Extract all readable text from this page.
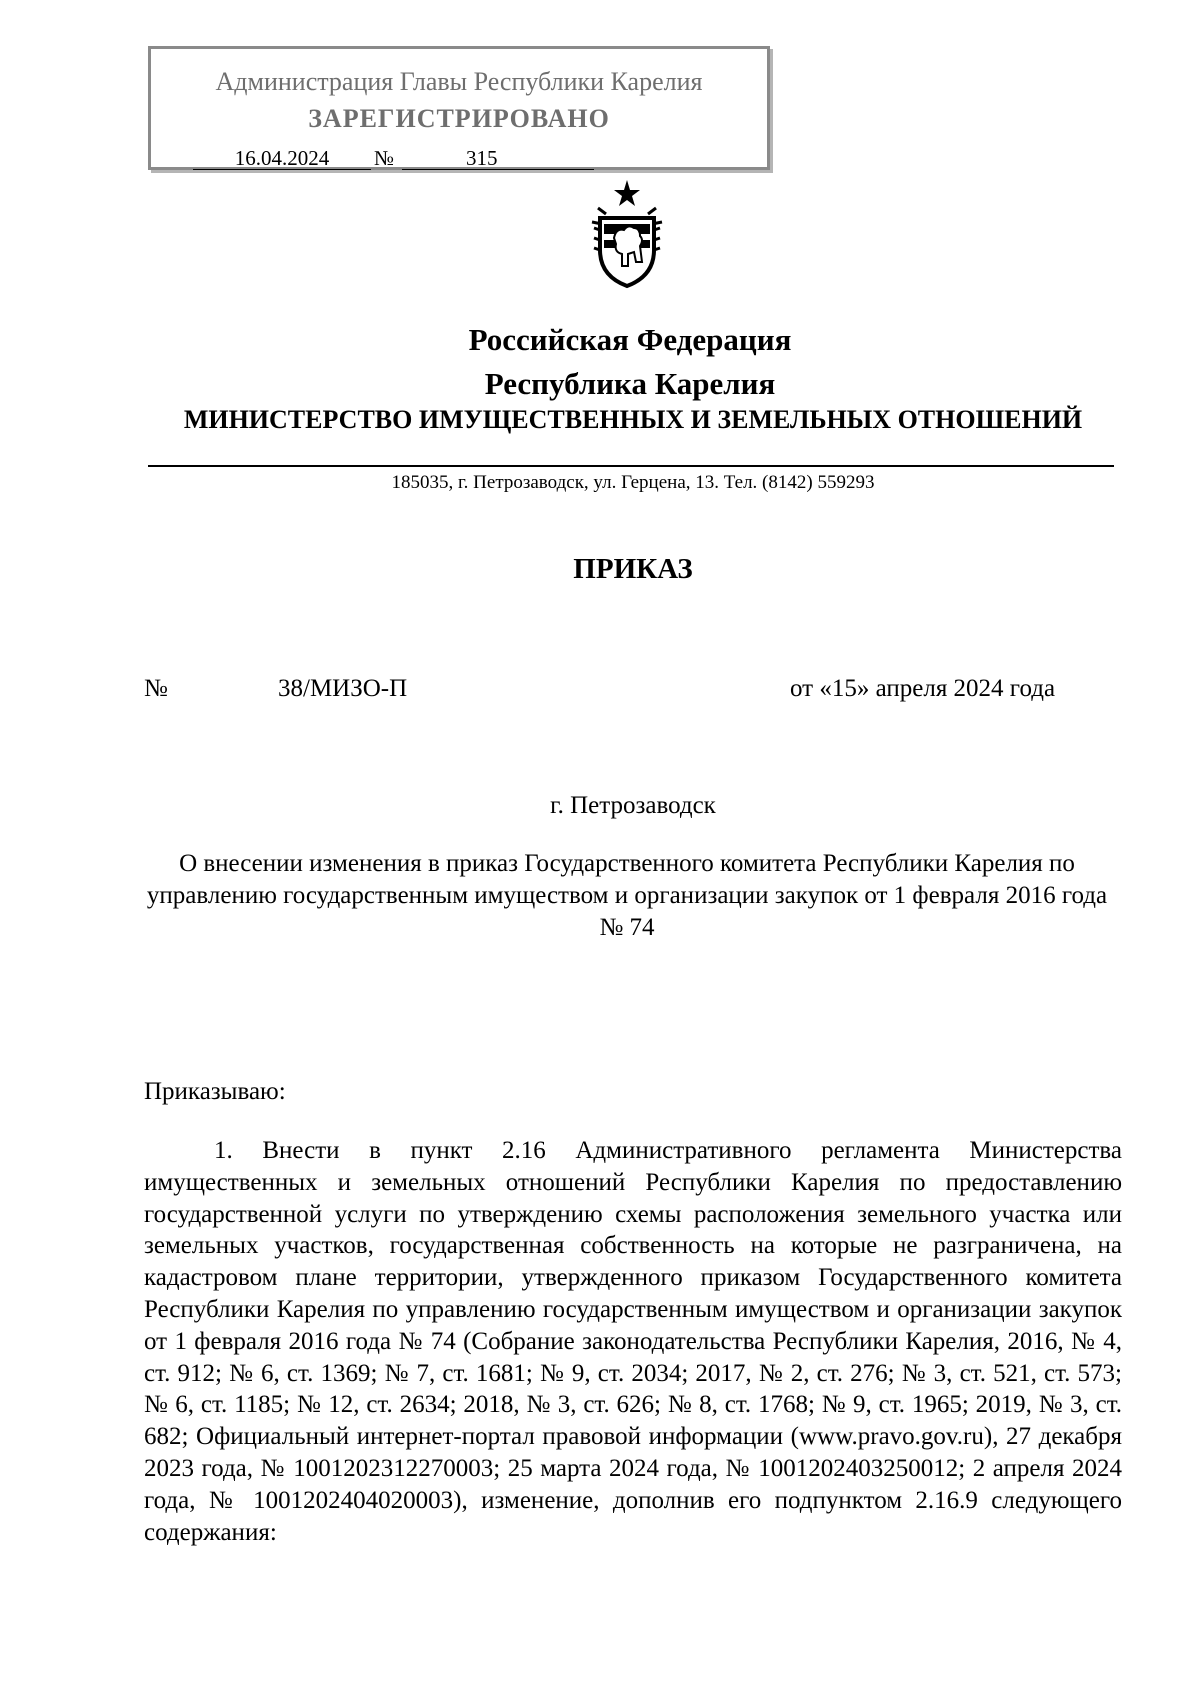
Администрация Главы Республики Карелия
ЗАРЕГИСТРИРОВАНО
16.04.2024	№	315
Российская Федерация
Республика Карелия
МИНИСТЕРСТВО ИМУЩЕСТВЕННЫХ И ЗЕМЕЛЬНЫХ ОТНОШЕНИЙ
185035, г. Петрозаводск, ул. Герцена, 13. Тел. (8142) 559293
ПРИКАЗ
№	38/МИЗО-П	от «15» апреля 2024 года
г. Петрозаводск
О внесении изменения в приказ Государственного комитета Республики Карелия по управлению государственным имуществом и организации закупок от 1 февраля 2016 года № 74
Приказываю:
1. Внести в пункт 2.16 Административного регламента Министерства имущественных и земельных отношений Республики Карелия по предоставлению государственной услуги по утверждению схемы расположения земельного участка или земельных участков, государственная собственность на которые не разграничена, на кадастровом плане территории, утвержденного приказом Государственного комитета Республики Карелия по управлению государственным имуществом и организации закупок от 1 февраля 2016 года № 74 (Собрание законодательства Республики Карелия, 2016, № 4, ст. 912; № 6, ст. 1369; № 7, ст. 1681; № 9, ст. 2034; 2017, № 2, ст. 276; № 3, ст. 521, ст. 573; № 6, ст. 1185; № 12, ст. 2634; 2018, № 3, ст. 626; № 8, ст. 1768; № 9, ст. 1965; 2019, № 3, ст. 682; Официальный интернет-портал правовой информации (www.pravo.gov.ru), 27 декабря 2023 года, № 1001202312270003; 25 марта 2024 года, № 1001202403250012; 2 апреля 2024 года, № 1001202404020003), изменение, дополнив его подпунктом 2.16.9 следующего содержания:
